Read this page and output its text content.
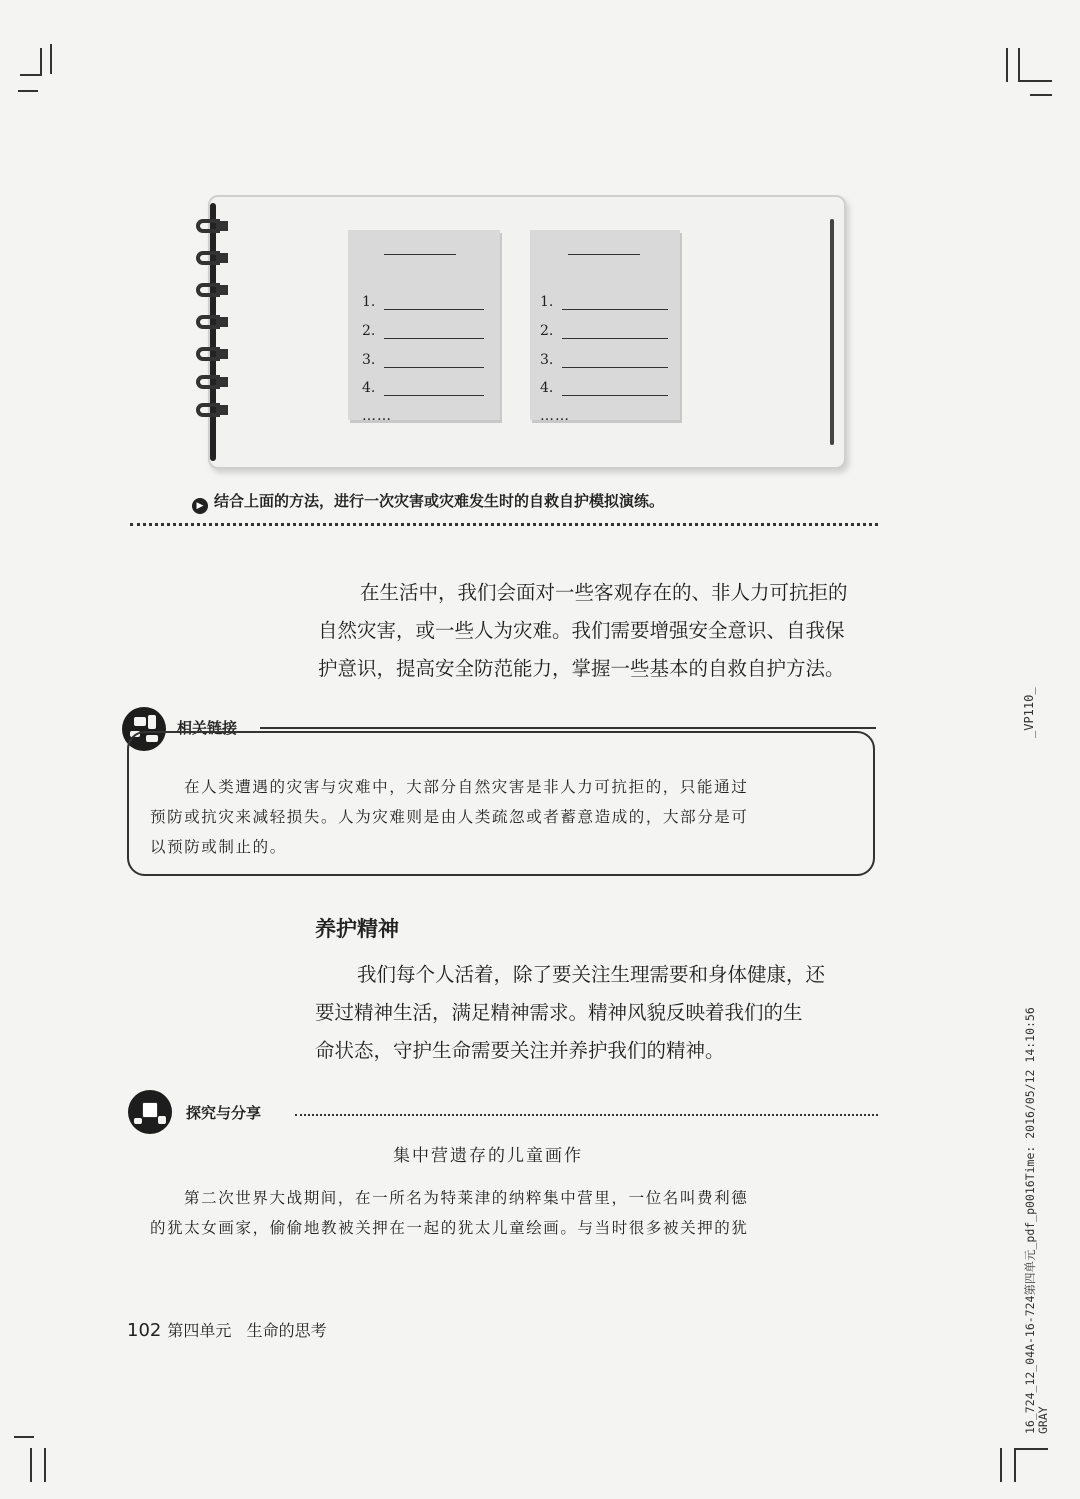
1.
2.
3.
4.
……
1.
2.
3.
4.
……
▶ 结合上面的方法，进行一次灾害或灾难发生时的自救自护模拟演练。

在生活中，我们会面对一些客观存在的、非人力可抗拒的

自然灾害，或一些人为灾难。我们需要增强安全意识、自我保

护意识，提高安全防范能力，掌握一些基本的自救自护方法。

相关链接

在人类遭遇的灾害与灾难中，大部分自然灾害是非人力可抗拒的，只能通过

预防或抗灾来减轻损失。人为灾难则是由人类疏忽或者蓄意造成的，大部分是可

以预防或制止的。

养护精神

我们每个人活着，除了要关注生理需要和身体健康，还

要过精神生活，满足精神需求。精神风貌反映着我们的生

命状态，守护生命需要关注并养护我们的精神。

探究与分享
集中营遗存的儿童画作

第二次世界大战期间，在一所名为特莱津的纳粹集中营里，一位名叫费利德

的犹太女画家，偷偷地教被关押在一起的犹太儿童绘画。与当时很多被关押的犹

102 第四单元 生命的思考
_VP110_
16_724_12_04A-16-724第四单元_pdf_p0016Time: 2016/05/12 14:10:56 GRAY
